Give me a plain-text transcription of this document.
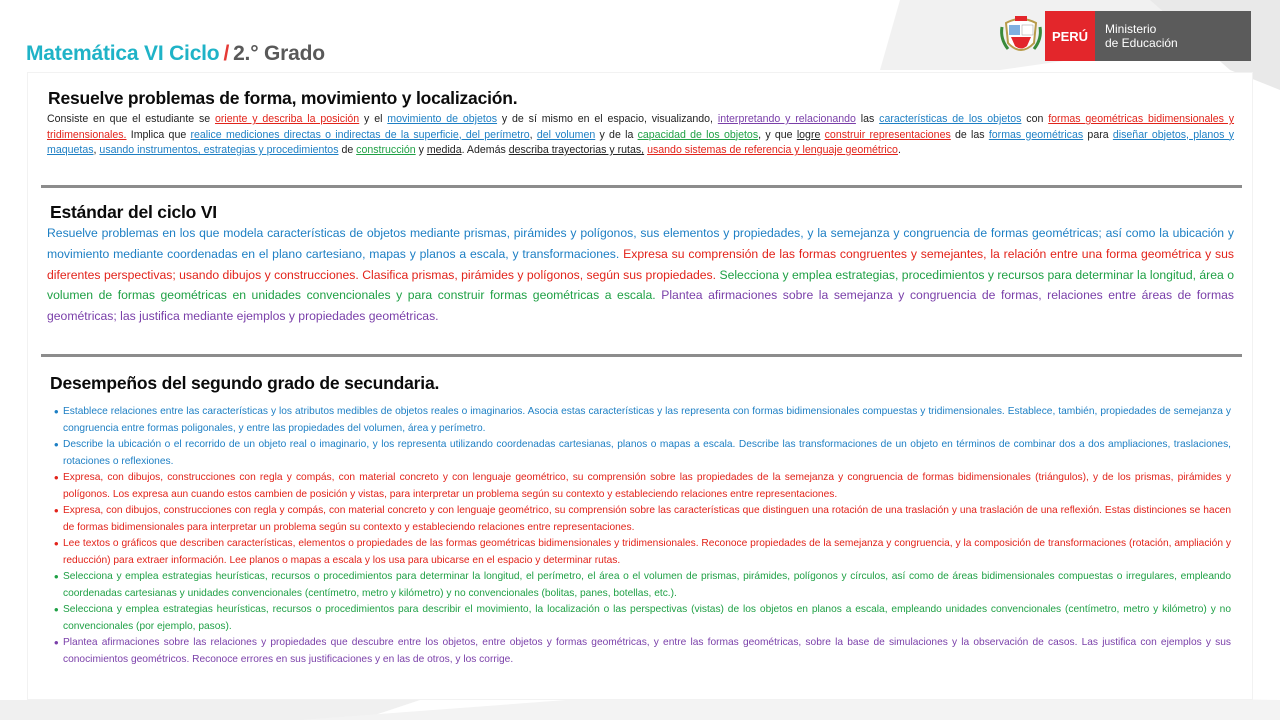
Matemática VI Ciclo / 2.° Grado
PERÚ Ministerio
de Educación
Resuelve problemas de forma, movimiento y localización.

Consiste en que el estudiante se oriente y describa la posición y el movimiento de objetos y de sí mismo en el espacio, visualizando, interpretando y relacionando las características de los objetos con formas geométricas bidimensionales y tridimensionales. Implica que realice mediciones directas o indirectas de la superficie, del perímetro, del volumen y de la capacidad de los objetos, y que logre construir representaciones de las formas geométricas para diseñar objetos, planos y maquetas, usando instrumentos, estrategias y procedimientos de construcción y medida. Además describa trayectorias y rutas, usando sistemas de referencia y lenguaje geométrico.

Estándar del ciclo VI

Resuelve problemas en los que modela características de objetos mediante prismas, pirámides y polígonos, sus elementos y propiedades, y la semejanza y congruencia de formas geométricas; así como la ubicación y movimiento mediante coordenadas en el plano cartesiano, mapas y planos a escala, y transformaciones. Expresa su comprensión de las formas congruentes y semejantes, la relación entre una forma geométrica y sus diferentes perspectivas; usando dibujos y construcciones. Clasifica prismas, pirámides y polígonos, según sus propiedades. Selecciona y emplea estrategias, procedimientos y recursos para determinar la longitud, área o volumen de formas geométricas en unidades convencionales y para construir formas geométricas a escala. Plantea afirmaciones sobre la semejanza y congruencia de formas, relaciones entre áreas de formas geométricas; las justifica mediante ejemplos y propiedades geométricas.

Desempeños del segundo grado de secundaria.
• Establece relaciones entre las características y los atributos medibles de objetos reales o imaginarios. Asocia estas características y las representa con formas bidimensionales compuestas y tridimensionales. Establece, también, propiedades de semejanza y congruencia entre formas poligonales, y entre las propiedades del volumen, área y perímetro.
• Describe la ubicación o el recorrido de un objeto real o imaginario, y los representa utilizando coordenadas cartesianas, planos o mapas a escala. Describe las transformaciones de un objeto en términos de combinar dos a dos ampliaciones, traslaciones, rotaciones o reflexiones.
• Expresa, con dibujos, construcciones con regla y compás, con material concreto y con lenguaje geométrico, su comprensión sobre las propiedades de la semejanza y congruencia de formas bidimensionales (triángulos), y de los prismas, pirámides y polígonos. Los expresa aun cuando estos cambien de posición y vistas, para interpretar un problema según su contexto y estableciendo relaciones entre representaciones.
• Expresa, con dibujos, construcciones con regla y compás, con material concreto y con lenguaje geométrico, su comprensión sobre las características que distinguen una rotación de una traslación y una traslación de una reflexión. Estas distinciones se hacen de formas bidimensionales para interpretar un problema según su contexto y estableciendo relaciones entre representaciones.
• Lee textos o gráficos que describen características, elementos o propiedades de las formas geométricas bidimensionales y tridimensionales. Reconoce propiedades de la semejanza y congruencia, y la composición de transformaciones (rotación, ampliación y reducción) para extraer información. Lee planos o mapas a escala y los usa para ubicarse en el espacio y determinar rutas.
• Selecciona y emplea estrategias heurísticas, recursos o procedimientos para determinar la longitud, el perímetro, el área o el volumen de prismas, pirámides, polígonos y círculos, así como de áreas bidimensionales compuestas o irregulares, empleando coordenadas cartesianas y unidades convencionales (centímetro, metro y kilómetro) y no convencionales (bolitas, panes, botellas, etc.).
• Selecciona y emplea estrategias heurísticas, recursos o procedimientos para describir el movimiento, la localización o las perspectivas (vistas) de los objetos en planos a escala, empleando unidades convencionales (centímetro, metro y kilómetro) y no convencionales (por ejemplo, pasos).
• Plantea afirmaciones sobre las relaciones y propiedades que descubre entre los objetos, entre objetos y formas geométricas, y entre las formas geométricas, sobre la base de simulaciones y la observación de casos. Las justifica con ejemplos y sus conocimientos geométricos. Reconoce errores en sus justificaciones y en las de otros, y los corrige.
